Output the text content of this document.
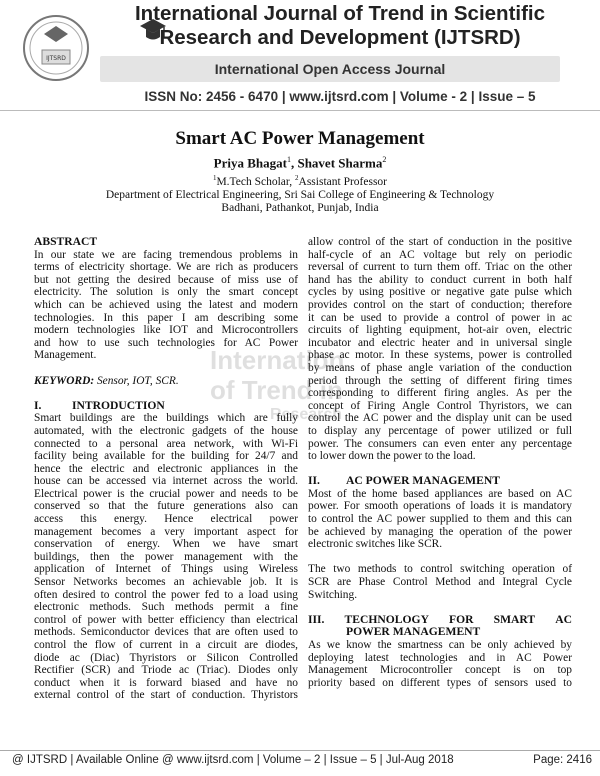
IJTSRD
International Journal of Trend in Scientific
Research and Development (IJTSRD)
International Open Access Journal
ISSN No: 2456 - 6470 | www.ijtsrd.com | Volume - 2 | Issue – 5
Smart AC Power Management
Priya Bhagat$^1$, Shavet Sharma$^2$
$^1$M.Tech Scholar, $^2$Assistant Professor
Department of Electrical Engineering, Sri Sai College of Engineering & Technology
Badhani, Pathankot, Punjab, India
Internation
of Trend in
Research

ABSTRACT

In our state we are facing tremendous problems in

terms of electricity shortage. We are rich as producers

but not getting the desired because of miss use of

electricity. The solution is only the smart concept

which can be achieved using the latest and modern

technologies. In this paper I am describing some

modern technologies like IOT and Microcontrollers

and how to use such technologies for AC Power

Management.

KEYWORD: Sensor, IOT, SCR.

I.	INTRODUCTION

Smart buildings are the buildings which are fully

automated, with the electronic gadgets of the house

connected to a personal area network, with Wi-Fi

facility being available for the building for 24/7 and

hence the electric and electronic appliances in the

house can be accessed via internet across the world.

Electrical power is the crucial power and needs to be

conserved so that the future generations also can

access this energy. Hence electrical power

management becomes a very important aspect for

conservation of energy. When we have smart

buildings, then the power management with the

application of Internet of Things using Wireless

Sensor Networks becomes an achievable job. It is

often desired to control the power fed to a load using

electronic methods. Such methods permit a fine

control of power with better efficiency than electrical

methods. Semiconductor devices that are often used to

control the flow of current in a circuit are diodes,

diode ac (Diac) Thyristors or Silicon Controlled

Rectifier (SCR) and Triode ac (Triac). Diodes only

conduct when it is forward biased and have no

external control of the start of conduction. Thyristors

allow control of the start of conduction in the positive

half-cycle of an AC voltage but rely on periodic

reversal of current to turn them off. Triac on the other

hand has the ability to conduct current in both half

cycles by using positive or negative gate pulse which

provides control on the start of conduction; therefore

it can be used to provide a control of power in ac

circuits of lighting equipment, hot-air oven, electric

incubator and electric heater and in universal single

phase ac motor. In these systems, power is controlled

by means of phase angle variation of the conduction

period through the setting of different firing times

corresponding to different firing angles. As per the

concept of Firing Angle Control Thyristors, we can

control the AC power and the display unit can be used

to display any percentage of power utilized or full

power. The consumers can even enter any percentage

to lower down the power to the load.

II. AC POWER MANAGEMENT

Most of the home based appliances are based on AC

power. For smooth operations of loads it is mandatory

to control the AC power supplied to them and this can

be achieved by managing the operation of the power

electronic switches like SCR.

The two methods to control switching operation of

SCR are Phase Control Method and Integral Cycle

Switching.

III. TECHNOLOGY FOR SMART AC

POWER MANAGEMENT

As we know the smartness can be only achieved by

deploying latest technologies and in AC Power

Management Microcontroller concept is on top

priority based on different types of sensors used to

@ IJTSRD | Available Online @ www.ijtsrd.com | Volume – 2 | Issue – 5 | Jul-Aug 2018	Page: 2416
